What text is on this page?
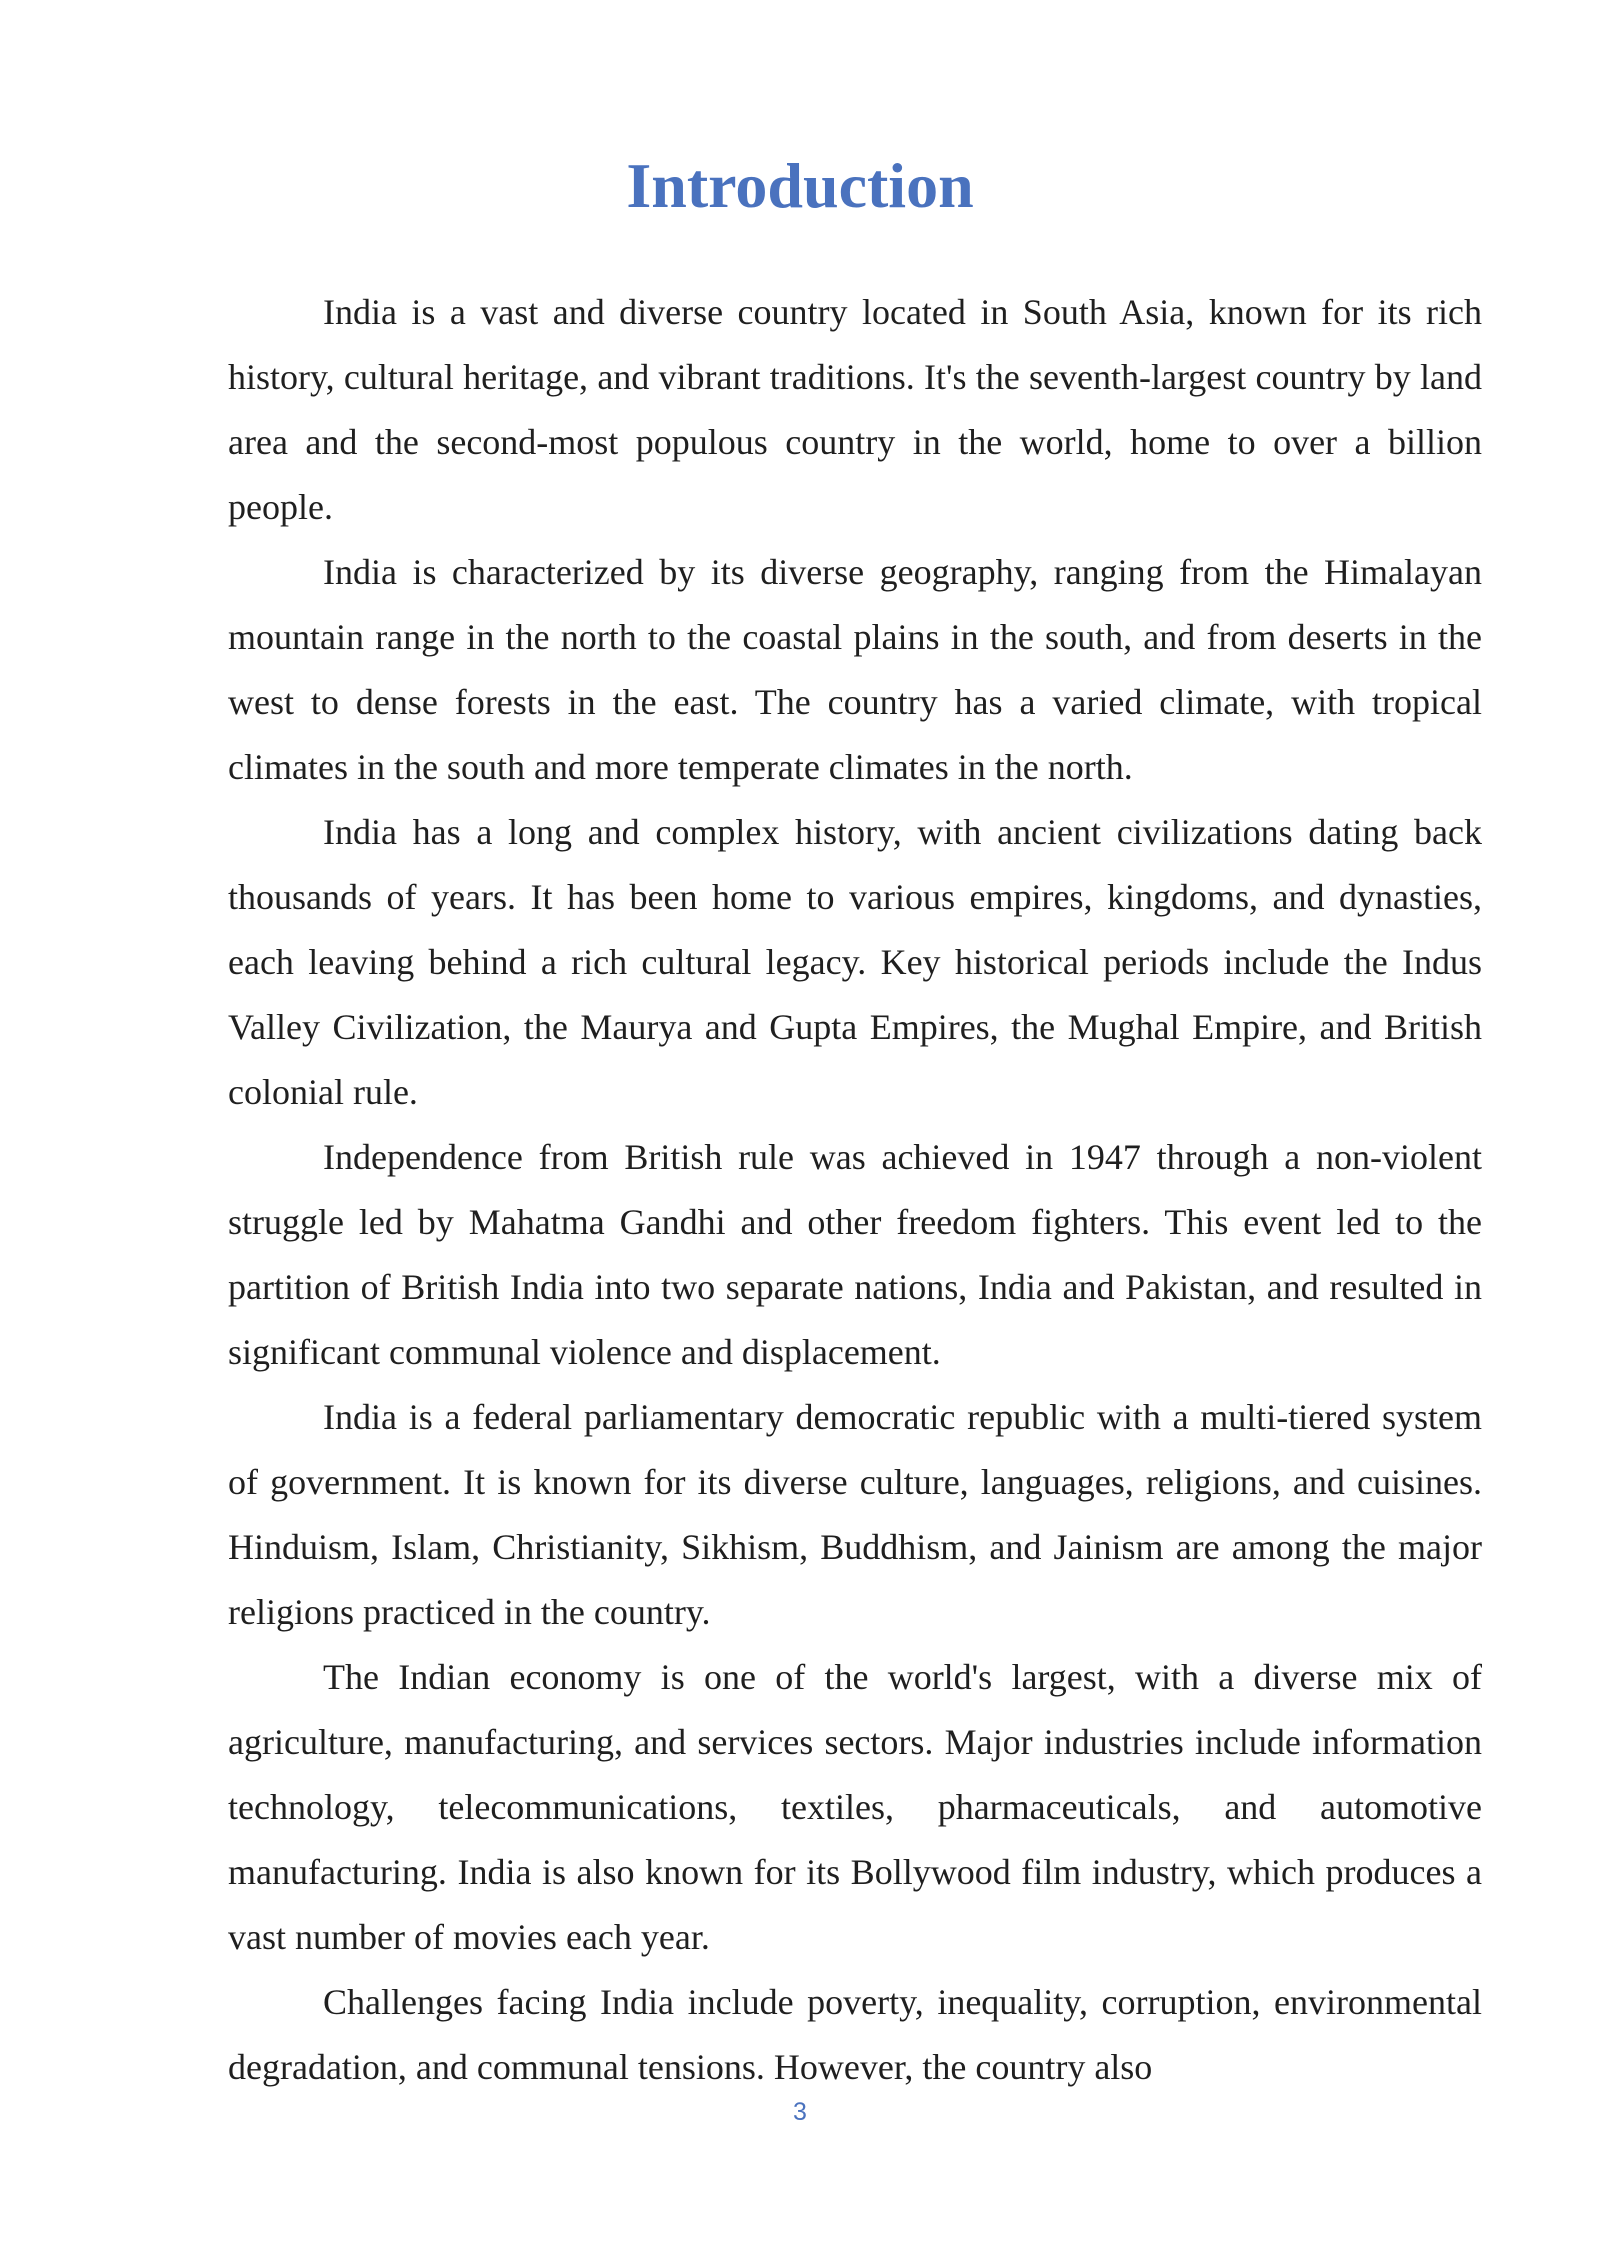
Introduction

India is a vast and diverse country located in South Asia, known for its rich history, cultural heritage, and vibrant traditions. It's the seventh-largest country by land area and the second-most populous country in the world, home to over a billion people.

India is characterized by its diverse geography, ranging from the Himalayan mountain range in the north to the coastal plains in the south, and from deserts in the west to dense forests in the east. The country has a varied climate, with tropical climates in the south and more temperate climates in the north.

India has a long and complex history, with ancient civilizations dating back thousands of years. It has been home to various empires, kingdoms, and dynasties, each leaving behind a rich cultural legacy. Key historical periods include the Indus Valley Civilization, the Maurya and Gupta Empires, the Mughal Empire, and British colonial rule.

Independence from British rule was achieved in 1947 through a non-violent struggle led by Mahatma Gandhi and other freedom fighters. This event led to the partition of British India into two separate nations, India and Pakistan, and resulted in significant communal violence and displacement.

India is a federal parliamentary democratic republic with a multi-tiered system of government. It is known for its diverse culture, languages, religions, and cuisines. Hinduism, Islam, Christianity, Sikhism, Buddhism, and Jainism are among the major religions practiced in the country.

The Indian economy is one of the world's largest, with a diverse mix of agriculture, manufacturing, and services sectors. Major industries include information technology, telecommunications, textiles, pharmaceuticals, and automotive manufacturing. India is also known for its Bollywood film industry, which produces a vast number of movies each year.

Challenges facing India include poverty, inequality, corruption, environmental degradation, and communal tensions. However, the country also

3
